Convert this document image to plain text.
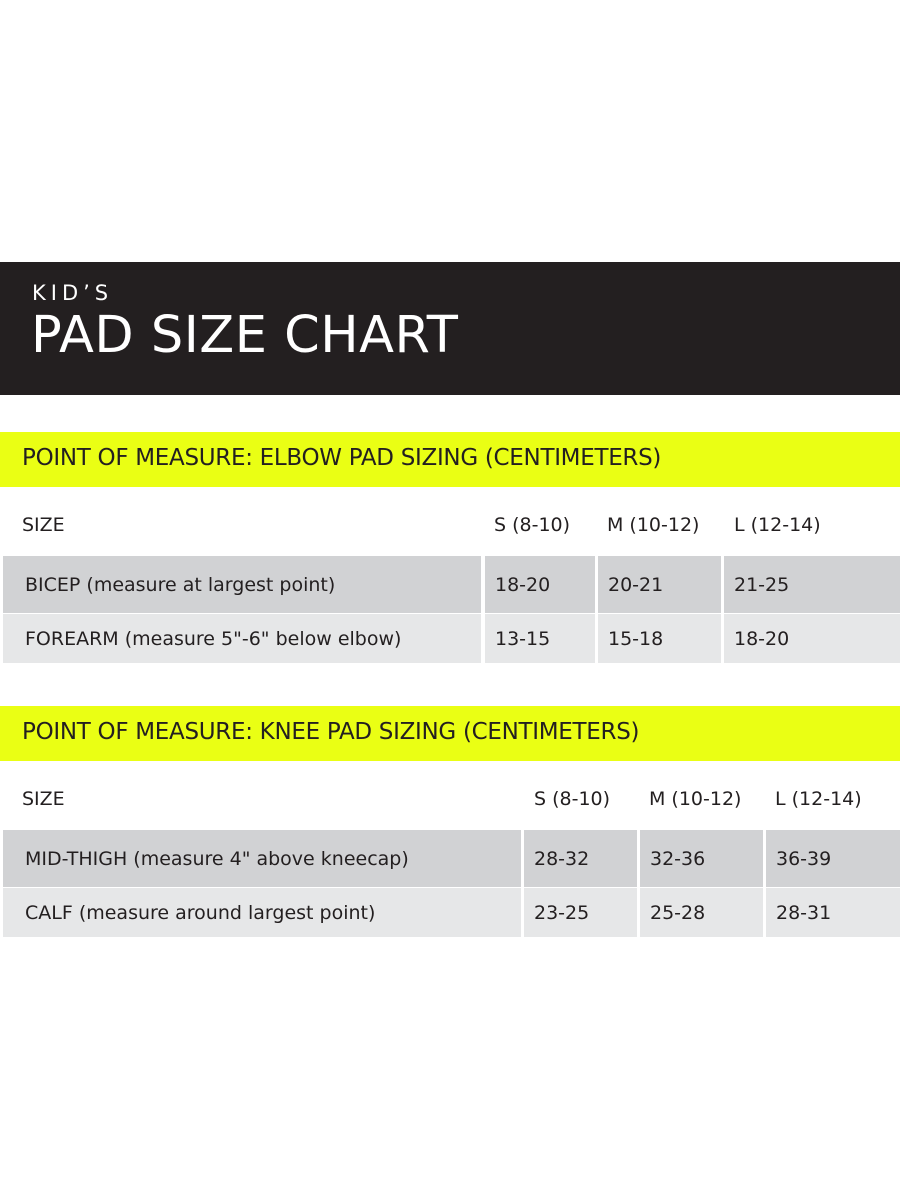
KID’S
PAD SIZE CHART
POINT OF MEASURE: ELBOW PAD SIZING (CENTIMETERS)
SIZE	S (8-10) M (10-12) L (12-14)
BICEP (measure at largest point)	18-20	20-21	21-25
FOREARM (measure 5"-6" below elbow)	13-15	15-18	18-20
POINT OF MEASURE: KNEE PAD SIZING (CENTIMETERS)
SIZE	S (8-10) M (10-12) L (12-14)
MID-THIGH (measure 4" above kneecap)	28-32	32-36	36-39
CALF (measure around largest point)	23-25	25-28	28-31
